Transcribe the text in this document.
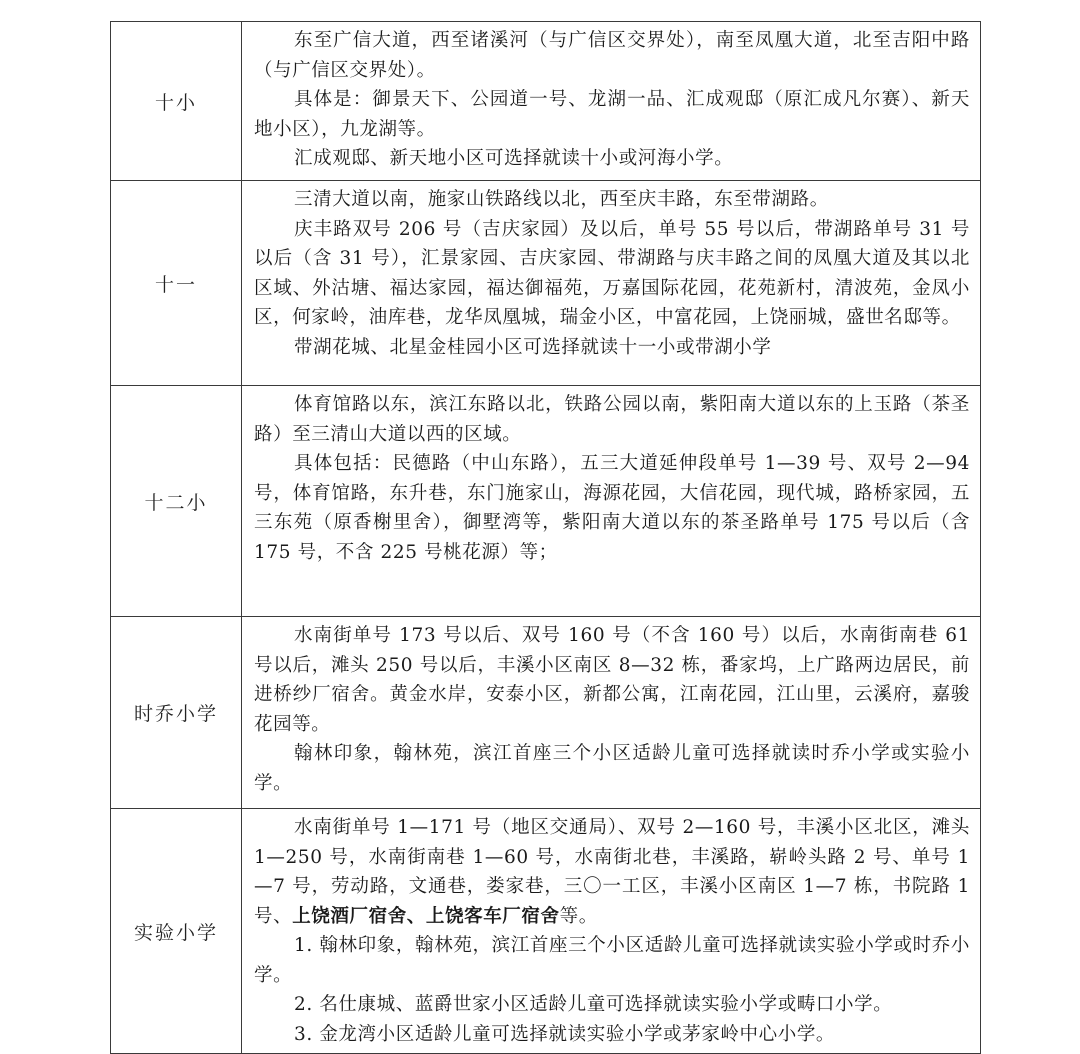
十小	东至广信大道，西至诸溪河（与广信区交界处），南至凤凰大道，北至吉阳中路（与广信区交界处）。

具体是：御景天下、公园道一号、龙湖一品、汇成观邸（原汇成凡尔赛）、新天地小区），九龙湖等。

汇成观邸、新天地小区可选择就读十小或河海小学。

十一	三清大道以南，施家山铁路线以北，西至庆丰路，东至带湖路。

庆丰路双号 206 号（吉庆家园）及以后，单号 55 号以后，带湖路单号 31 号以后（含 31 号），汇景家园、吉庆家园、带湖路与庆丰路之间的凤凰大道及其以北区域、外沽塘、福达家园，福达御福苑，万嘉国际花园，花苑新村，清波苑，金凤小区，何家岭，油库巷，龙华凤凰城，瑞金小区，中富花园，上饶丽城，盛世名邸等。

带湖花城、北星金桂园小区可选择就读十一小或带湖小学

十二小	体育馆路以东，滨江东路以北，铁路公园以南，紫阳南大道以东的上玉路（茶圣路）至三清山大道以西的区域。

具体包括：民德路（中山东路），五三大道延伸段单号 1—39 号、双号 2—94 号，体育馆路，东升巷，东门施家山，海源花园，大信花园，现代城，路桥家园，五三东苑（原香榭里舍），御墅湾等，紫阳南大道以东的茶圣路单号 175 号以后（含 175 号，不含 225 号桃花源）等；

时乔小学	水南街单号 173 号以后、双号 160 号（不含 160 号）以后，水南街南巷 61 号以后，滩头 250 号以后，丰溪小区南区 8—32 栋，番家坞，上广路两边居民，前进桥纱厂宿舍。黄金水岸，安泰小区，新都公寓，江南花园，江山里，云溪府，嘉骏花园等。

翰林印象，翰林苑，滨江首座三个小区适龄儿童可选择就读时乔小学或实验小学。

实验小学	水南街单号 1—171 号（地区交通局）、双号 2—160 号，丰溪小区北区，滩头 1—250 号，水南街南巷 1—60 号，水南街北巷，丰溪路，崭岭头路 2 号、单号 1—7 号，劳动路，文通巷，娄家巷，三〇一工区，丰溪小区南区 1—7 栋，书院路 1 号、上饶酒厂宿舍、上饶客车厂宿舍等。

1. 翰林印象，翰林苑，滨江首座三个小区适龄儿童可选择就读实验小学或时乔小学。

2. 名仕康城、蓝爵世家小区适龄儿童可选择就读实验小学或畴口小学。

3. 金龙湾小区适龄儿童可选择就读实验小学或茅家岭中心小学。
